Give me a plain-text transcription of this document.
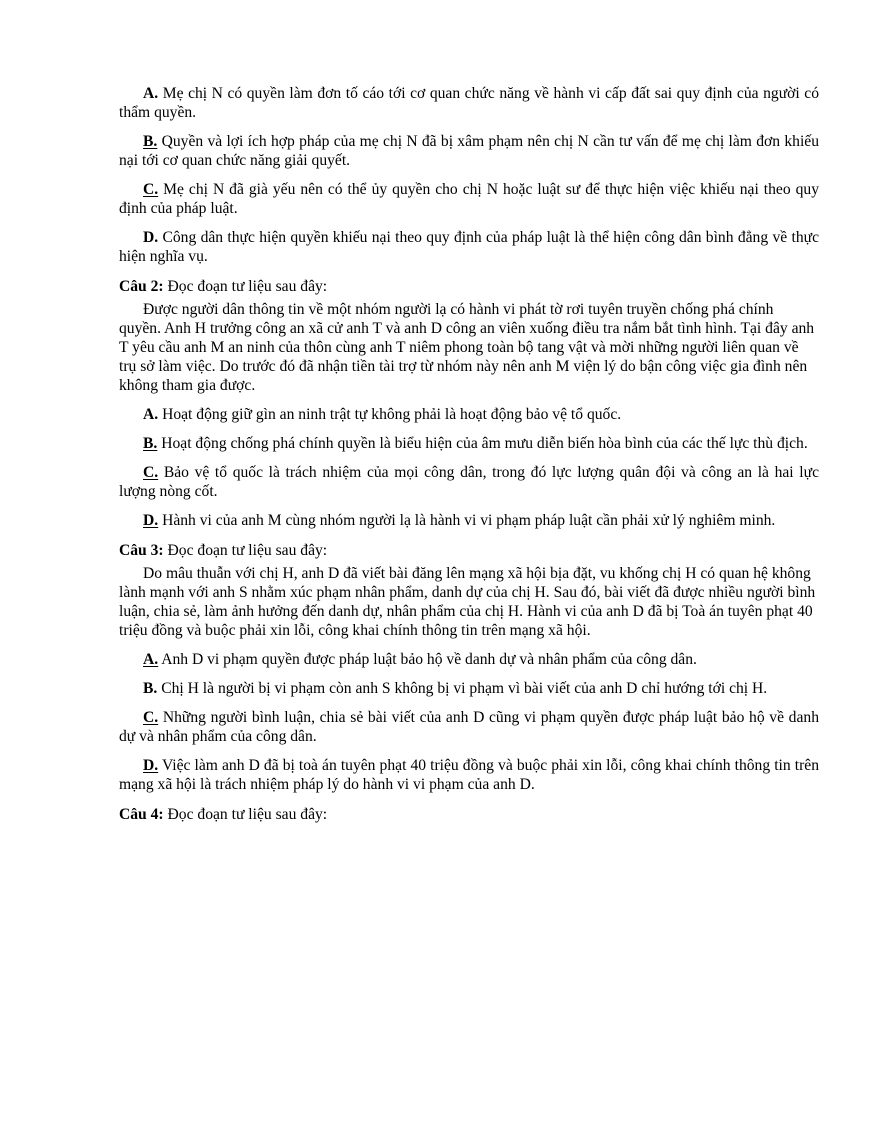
A. Mẹ chị N có quyền làm đơn tố cáo tới cơ quan chức năng về hành vi cấp đất sai quy định của người có thẩm quyền.

B. Quyền và lợi ích hợp pháp của mẹ chị N đã bị xâm phạm nên chị N cần tư vấn để mẹ chị làm đơn khiếu nại tới cơ quan chức năng giải quyết.

C. Mẹ chị N đã già yếu nên có thể ủy quyền cho chị N hoặc luật sư để thực hiện việc khiếu nại theo quy định của pháp luật.

D. Công dân thực hiện quyền khiếu nại theo quy định của pháp luật là thể hiện công dân bình đẳng về thực hiện nghĩa vụ.

Câu 2: Đọc đoạn tư liệu sau đây:

Được người dân thông tin về một nhóm người lạ có hành vi phát tờ rơi tuyên truyền chống phá chính quyền. Anh H trưởng công an xã cử anh T và anh D công an viên xuống điều tra nắm bắt tình hình. Tại đây anh T yêu cầu anh M an ninh của thôn cùng anh T niêm phong toàn bộ tang vật và mời những người liên quan về trụ sở làm việc. Do trước đó đã nhận tiền tài trợ từ nhóm này nên anh M viện lý do bận công việc gia đình nên không tham gia được.

A. Hoạt động giữ gìn an ninh trật tự không phải là hoạt động bảo vệ tổ quốc.

B. Hoạt động chống phá chính quyền là biểu hiện của âm mưu diễn biến hòa bình của các thế lực thù địch.

C. Bảo vệ tổ quốc là trách nhiệm của mọi công dân, trong đó lực lượng quân đội và công an là hai lực lượng nòng cốt.

D. Hành vi của anh M cùng nhóm người lạ là hành vi vi phạm pháp luật cần phải xử lý nghiêm minh.

Câu 3: Đọc đoạn tư liệu sau đây:

Do mâu thuẫn với chị H, anh D đã viết bài đăng lên mạng xã hội bịa đặt, vu khống chị H có quan hệ không lành mạnh với anh S nhằm xúc phạm nhân phẩm, danh dự của chị H. Sau đó, bài viết đã được nhiều người bình luận, chia sẻ, làm ảnh hưởng đến danh dự, nhân phẩm của chị H. Hành vi của anh D đã bị Toà án tuyên phạt 40 triệu đồng và buộc phải xin lỗi, công khai chính thông tin trên mạng xã hội.

A. Anh D vi phạm quyền được pháp luật bảo hộ về danh dự và nhân phẩm của công dân.

B. Chị H là người bị vi phạm còn anh S không bị vi phạm vì bài viết của anh D chỉ hướng tới chị H.

C. Những người bình luận, chia sẻ bài viết của anh D cũng vi phạm quyền được pháp luật bảo hộ về danh dự và nhân phẩm của công dân.

D. Việc làm anh D đã bị toà án tuyên phạt 40 triệu đồng và buộc phải xin lỗi, công khai chính thông tin trên mạng xã hội là trách nhiệm pháp lý do hành vi vi phạm của anh D.

Câu 4: Đọc đoạn tư liệu sau đây:
